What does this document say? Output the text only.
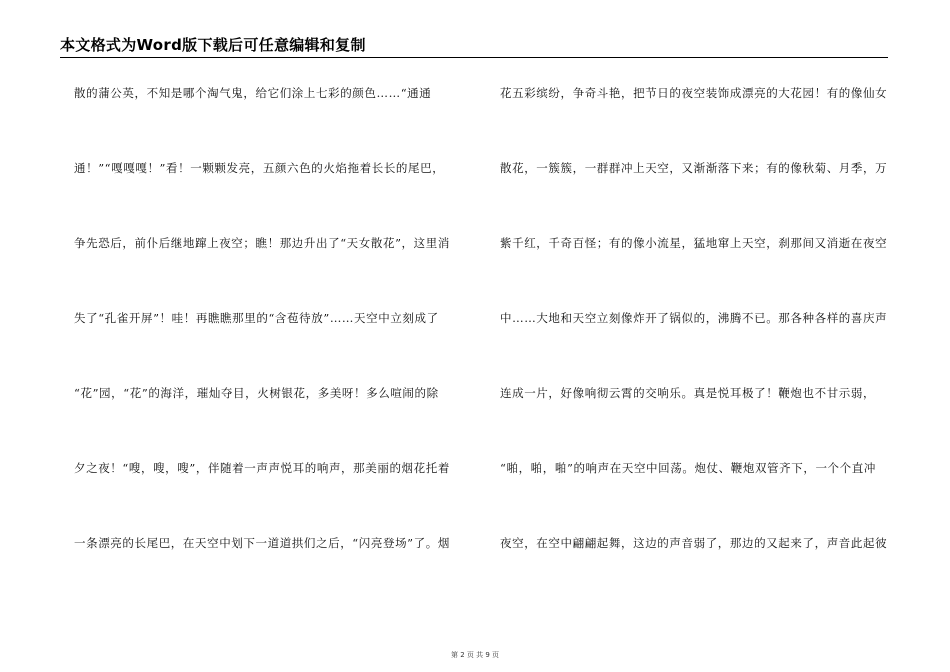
本文格式为Word版下载后可任意编辑和复制
散的蒲公英，不知是哪个淘气鬼，给它们涂上七彩的颜色……“通通
通！”“嘎嘎嘎！”看！一颗颗发亮，五颜六色的火焰拖着长长的尾巴，
争先恐后，前仆后继地蹿上夜空；瞧！那边升出了“天女散花”，这里消
失了“孔雀开屏”！哇！再瞧瞧那里的“含苞待放”……天空中立刻成了
“花”园，“花”的海洋，璀灿夺目，火树银花，多美呀！多么喧闹的除
夕之夜！“嗖，嗖，嗖”，伴随着一声声悦耳的响声，那美丽的烟花托着
一条漂亮的长尾巴，在天空中划下一道道拱们之后，“闪亮登场”了。烟
花五彩缤纷，争奇斗艳，把节日的夜空装饰成漂亮的大花园！有的像仙女
散花，一簇簇，一群群冲上天空，又渐渐落下来；有的像秋菊、月季，万
紫千红，千奇百怪；有的像小流星，猛地窜上天空，刹那间又消逝在夜空
中……大地和天空立刻像炸开了锅似的，沸腾不已。那各种各样的喜庆声
连成一片，好像响彻云霄的交响乐。真是悦耳极了！鞭炮也不甘示弱，
“啪，啪，啪”的响声在天空中回荡。炮仗、鞭炮双管齐下，一个个直冲
夜空，在空中翩翩起舞，这边的声音弱了，那边的又起来了，声音此起彼
第 2 页 共 9 页
